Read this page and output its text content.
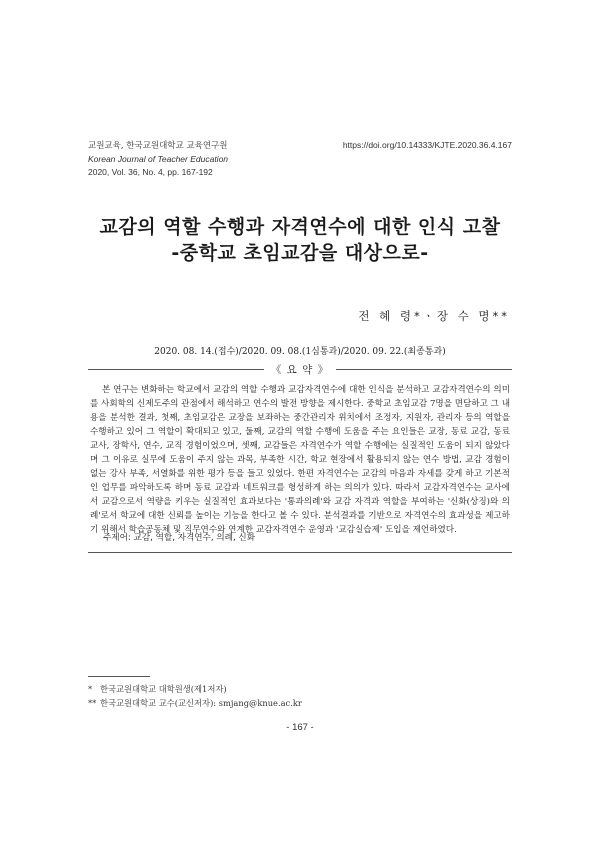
교원교육, 한국교원대학교 교육연구원
Korean Journal of Teacher Education
2020, Vol. 36, No. 4, pp. 167-192
https://doi.org/10.14333/KJTE.2020.36.4.167
교감의 역할 수행과 자격연수에 대한 인식 고찰
-중학교 초임교감을 대상으로-
전 혜 령*ㆍ장 수 명**
2020. 08. 14.(접수)/2020. 09. 08.(1심통과)/2020. 09. 22.(최종통과)
《 요 약 》

본 연구는 변화하는 학교에서 교감의 역할 수행과 교감자격연수에 대한 인식을 분석하고 교감자격연수의 의미를 사회학의 신제도주의 관점에서 해석하고 연수의 발전 방향을 제시한다. 중학교 초임교감 7명을 면담하고 그 내용을 분석한 결과, 첫째, 초임교감은 교장을 보좌하는 중간관리자 위치에서 조정자, 지원자, 관리자 등의 역할을 수행하고 있어 그 역할이 확대되고 있고, 둘째, 교감의 역할 수행에 도움을 주는 요인들은 교장, 동료 교감, 동료 교사, 장학사, 연수, 교직 경험이었으며, 셋째, 교감들은 자격연수가 역할 수행에는 실질적인 도움이 되지 않았다며 그 이유로 실무에 도움이 주지 않는 과목, 부족한 시간, 학교 현장에서 활용되지 않는 연수 방법, 교감 경험이 없는 강사 부족, 서열화를 위한 평가 등을 들고 있었다. 한편 자격연수는 교감의 마음과 자세를 갖게 하고 기본적인 업무를 파악하도록 하며 동료 교감과 네트워크를 형성하게 하는 의의가 있다. 따라서 교감자격연수는 교사에서 교감으로서 역량을 키우는 실질적인 효과보다는 '통과의례'와 교감 자격과 역할을 부여하는 '신화(상징)와 의례'로서 학교에 대한 신뢰를 높이는 기능을 한다고 볼 수 있다. 분석결과를 기반으로 자격연수의 효과성을 제고하기 위해서 학습공동체 및 직무연수와 연계한 교감자격연수 운영과 '교감실습제' 도입을 제언하였다.

주제어: 교감, 역할, 자격연수, 의례, 신화
* 한국교원대학교 대학원생(제1저자)
** 한국교원대학교 교수(교신저자): smjang@knue.ac.kr
- 167 -
